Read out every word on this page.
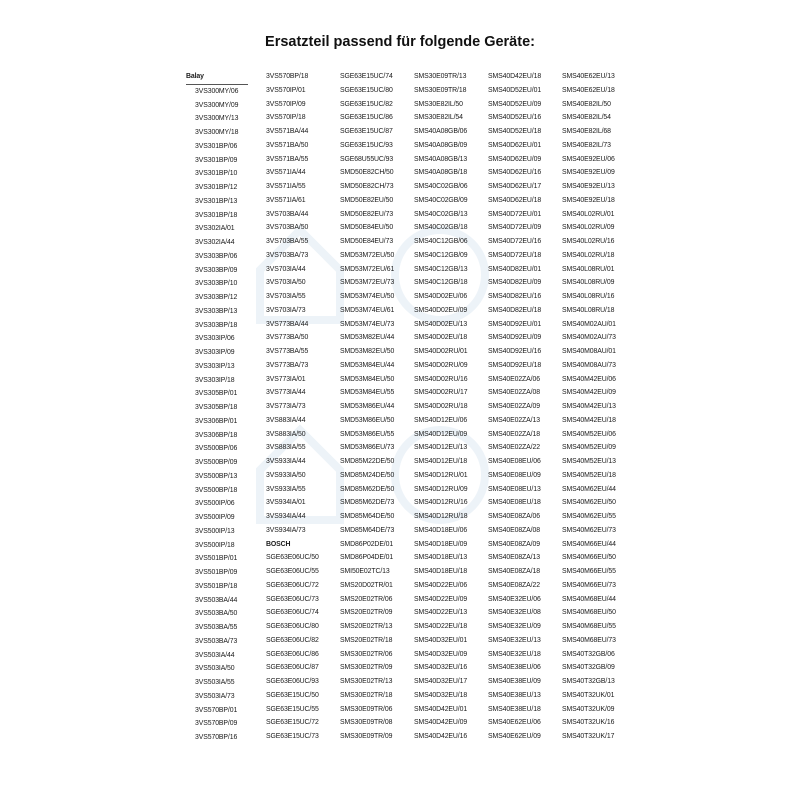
Ersatzteil passend für folgende Geräte:
Balay
3VS300MY/06
3VS300MY/09
3VS300MY/13
3VS300MY/18
3VS301BP/06
3VS301BP/09
3VS301BP/10
3VS301BP/12
3VS301BP/13
3VS301BP/18
3VS302IA/01
3VS302IA/44
3VS303BP/06
3VS303BP/09
3VS303BP/10
3VS303BP/12
3VS303BP/13
3VS303BP/18
3VS303IP/06
3VS303IP/09
3VS303IP/13
3VS303IP/18
3VS305BP/01
3VS305BP/18
3VS306BP/01
3VS306BP/18
3VS500BP/06
3VS500BP/09
3VS500BP/13
3VS500BP/18
3VS500IP/06
3VS500IP/09
3VS500IP/13
3VS500IP/18
3VS501BP/01
3VS501BP/09
3VS501BP/18
3VS503BA/44
3VS503BA/50
3VS503BA/55
3VS503BA/73
3VS503IA/44
3VS503IA/50
3VS503IA/55
3VS503IA/73
3VS570BP/01
3VS570BP/09
3VS570BP/16
3VS570BP/18
3VS570IP/01
3VS570IP/09
3VS570IP/18
3VS571BA/44
3VS571BA/50
3VS571BA/55
3VS571IA/44
3VS571IA/55
3VS571IA/61
3VS703BA/44
3VS703BA/50
3VS703BA/55
3VS703BA/73
3VS703IA/44
3VS703IA/50
3VS703IA/55
3VS703IA/73
3VS773BA/44
3VS773BA/50
3VS773BA/55
3VS773BA/73
3VS773IA/01
3VS773IA/44
3VS773IA/73
3VS883IA/44
3VS883IA/50
3VS883IA/55
3VS933IA/44
3VS933IA/50
3VS933IA/55
3VS934IA/01
3VS934IA/44
3VS934IA/73
BOSCH
SGE63E06UC/50
SGE63E06UC/55
SGE63E06UC/72
SGE63E06UC/73
SGE63E06UC/74
SGE63E06UC/80
SGE63E06UC/82
SGE63E06UC/86
SGE63E06UC/87
SGE63E06UC/93
SGE63E15UC/50
SGE63E15UC/55
SGE63E15UC/72
SGE63E15UC/73
SGE63E15UC/74
SGE63E15UC/80
SGE63E15UC/82
SGE63E15UC/86
SGE63E15UC/87
SGE63E15UC/93
SGE68U55UC/93
SMD50E82CH/50
SMD50E82CH/73
SMD50E82EU/50
SMD50E82EU/73
SMD50E84EU/50
SMD50E84EU/73
SMD53M72EU/50
SMD53M72EU/61
SMD53M72EU/73
SMD53M74EU/50
SMD53M74EU/61
SMD53M74EU/73
SMD53M82EU/44
SMD53M82EU/50
SMD53M84EU/44
SMD53M84EU/50
SMD53M84EU/55
SMD53M86EU/44
SMD53M86EU/50
SMD53M86EU/55
SMD53M86EU/73
SMD85M22DE/50
SMD85M24DE/50
SMD85M62DE/50
SMD85M62DE/73
SMD85M64DE/50
SMD85M64DE/73
SMD86P02DE/01
SMD86P04DE/01
SMI50E02TC/13
SMS20D02TR/01
SMS20E02TR/06
SMS20E02TR/09
SMS20E02TR/13
SMS20E02TR/18
SMS30E02TR/06
SMS30E02TR/09
SMS30E02TR/13
SMS30E02TR/18
SMS30E09TR/06
SMS30E09TR/08
SMS30E09TR/09
SMS30E09TR/13
SMS30E09TR/18
SMS30E82IL/50
SMS30E82IL/54
SMS40A08GB/06
SMS40A08GB/09
SMS40A08GB/13
SMS40A08GB/18
SMS40C02GB/06
SMS40C02GB/09
SMS40C02GB/13
SMS40C02GB/18
SMS40C12GB/06
SMS40C12GB/09
SMS40C12GB/13
SMS40C12GB/18
SMS40D02EU/06
SMS40D02EU/09
SMS40D02EU/13
SMS40D02EU/18
SMS40D02RU/01
SMS40D02RU/09
SMS40D02RU/16
SMS40D02RU/17
SMS40D02RU/18
SMS40D12EU/06
SMS40D12EU/09
SMS40D12EU/13
SMS40D12EU/18
SMS40D12RU/01
SMS40D12RU/09
SMS40D12RU/16
SMS40D12RU/18
SMS40D18EU/06
SMS40D18EU/09
SMS40D18EU/13
SMS40D18EU/18
SMS40D22EU/06
SMS40D22EU/09
SMS40D22EU/13
SMS40D22EU/18
SMS40D32EU/01
SMS40D32EU/09
SMS40D32EU/16
SMS40D32EU/17
SMS40D32EU/18
SMS40D42EU/01
SMS40D42EU/09
SMS40D42EU/16
SMS40D42EU/18
SMS40D52EU/01
SMS40D52EU/09
SMS40D52EU/16
SMS40D52EU/18
SMS40D62EU/01
SMS40D62EU/09
SMS40D62EU/16
SMS40D62EU/17
SMS40D62EU/18
SMS40D72EU/01
SMS40D72EU/09
SMS40D72EU/16
SMS40D72EU/18
SMS40D82EU/01
SMS40D82EU/09
SMS40D82EU/16
SMS40D82EU/18
SMS40D92EU/01
SMS40D92EU/09
SMS40D92EU/16
SMS40D92EU/18
SMS40E02ZA/06
SMS40E02ZA/08
SMS40E02ZA/09
SMS40E02ZA/13
SMS40E02ZA/18
SMS40E02ZA/22
SMS40E08EU/06
SMS40E08EU/09
SMS40E08EU/13
SMS40E08EU/18
SMS40E08ZA/06
SMS40E08ZA/08
SMS40E08ZA/09
SMS40E08ZA/13
SMS40E08ZA/18
SMS40E08ZA/22
SMS40E32EU/06
SMS40E32EU/08
SMS40E32EU/09
SMS40E32EU/13
SMS40E32EU/18
SMS40E38EU/06
SMS40E38EU/09
SMS40E38EU/13
SMS40E38EU/18
SMS40E62EU/06
SMS40E62EU/09
SMS40E62EU/13
SMS40E62EU/18
SMS40E82IL/50
SMS40E82IL/54
SMS40E82IL/68
SMS40E82IL/73
SMS40E92EU/06
SMS40E92EU/09
SMS40E92EU/13
SMS40E92EU/18
SMS40L02RU/01
SMS40L02RU/09
SMS40L02RU/16
SMS40L02RU/18
SMS40L08RU/01
SMS40L08RU/09
SMS40L08RU/16
SMS40L08RU/18
SMS40M02AU/01
SMS40M02AU/73
SMS40M08AU/01
SMS40M08AU/73
SMS40M42EU/06
SMS40M42EU/09
SMS40M42EU/13
SMS40M42EU/18
SMS40M52EU/06
SMS40M52EU/09
SMS40M52EU/13
SMS40M52EU/18
SMS40M62EU/44
SMS40M62EU/50
SMS40M62EU/55
SMS40M62EU/73
SMS40M66EU/44
SMS40M66EU/50
SMS40M66EU/55
SMS40M66EU/73
SMS40M68EU/44
SMS40M68EU/50
SMS40M68EU/55
SMS40M68EU/73
SMS40T32GB/06
SMS40T32GB/09
SMS40T32GB/13
SMS40T32UK/01
SMS40T32UK/09
SMS40T32UK/16
SMS40T32UK/17
